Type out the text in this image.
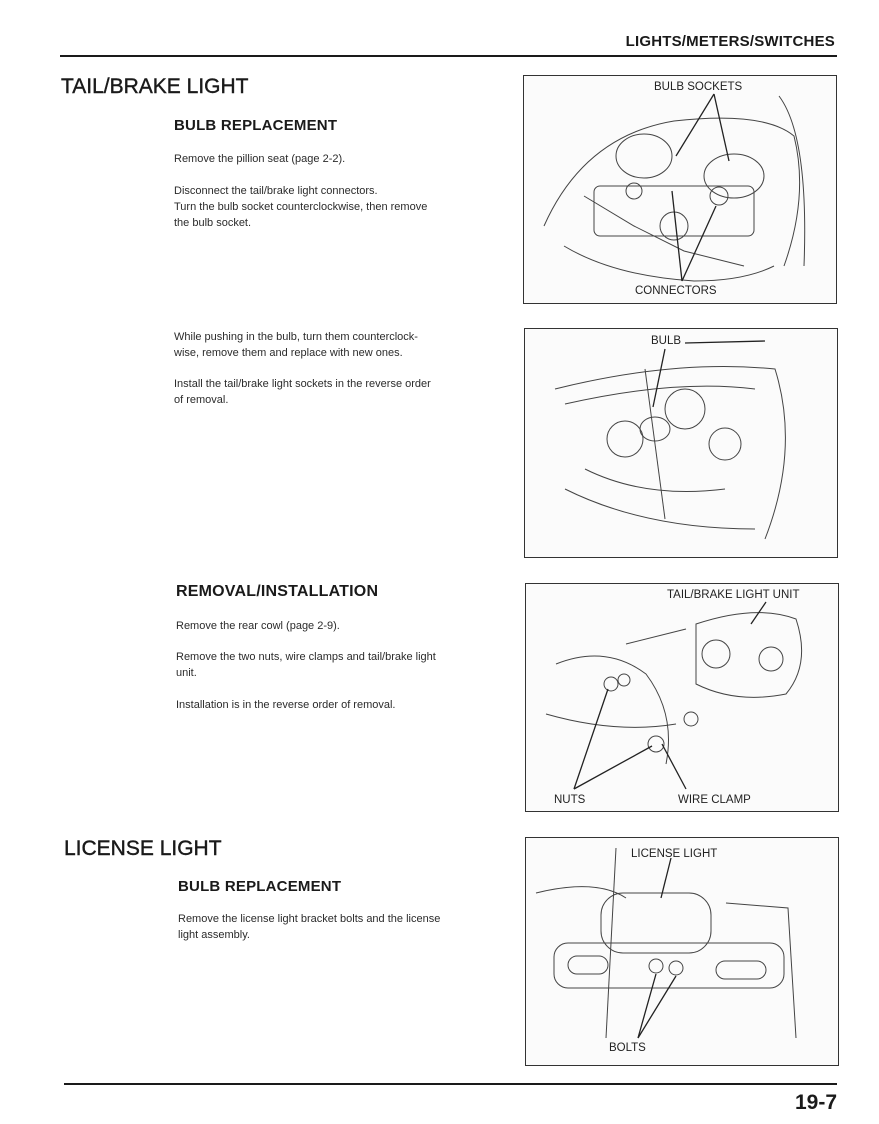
LIGHTS/METERS/SWITCHES
TAIL/BRAKE LIGHT
BULB REPLACEMENT
Remove the pillion seat (page 2-2).
Disconnect the tail/brake light connectors.
Turn the bulb socket counterclockwise, then remove
the bulb socket.
While pushing in the bulb, turn them counterclock-
wise, remove them and replace with new ones.
Install the tail/brake light sockets in the reverse order
of removal.
REMOVAL/INSTALLATION
Remove the rear cowl (page 2-9).
Remove the two nuts, wire clamps and tail/brake light
unit.
Installation is in the reverse order of removal.
LICENSE LIGHT
BULB REPLACEMENT
Remove the license light bracket bolts and the license
light assembly.
BULB SOCKETS
CONNECTORS
BULB
TAIL/BRAKE LIGHT UNIT
NUTS	WIRE CLAMP
LICENSE LIGHT
BOLTS
19-7
